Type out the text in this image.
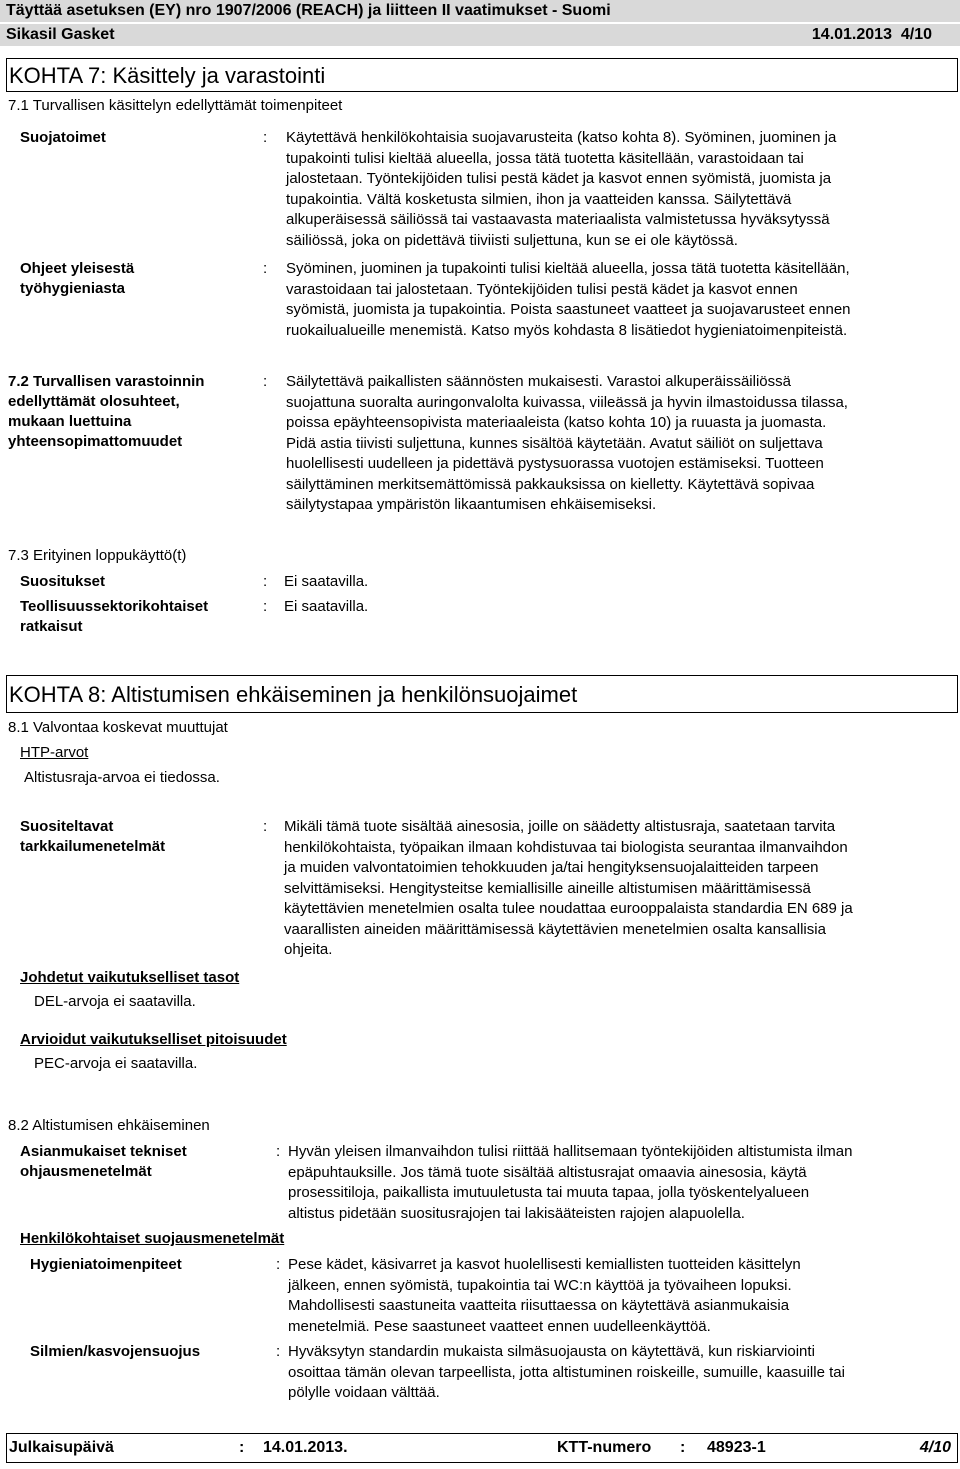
Täyttää asetuksen (EY) nro 1907/2006 (REACH) ja liitteen II vaatimukset - Suomi
Sikasil Gasket	14.01.2013 4/10
KOHTA 7: Käsittely ja varastointi
7.1 Turvallisen käsittelyn edellyttämät toimenpiteet
Suojatoimet	: Käytettävä henkilökohtaisia suojavarusteita (katso kohta 8). Syöminen, juominen ja
tupakointi tulisi kieltää alueella, jossa tätä tuotetta käsitellään, varastoidaan tai
jalostetaan. Työntekijöiden tulisi pestä kädet ja kasvot ennen syömistä, juomista ja
tupakointia. Vältä kosketusta silmien, ihon ja vaatteiden kanssa. Säilytettävä
alkuperäisessä säiliössä tai vastaavasta materiaalista valmistetussa hyväksytyssä
säiliössä, joka on pidettävä tiiviisti suljettuna, kun se ei ole käytössä.
Ohjeet yleisestä
työhygieniasta
: Syöminen, juominen ja tupakointi tulisi kieltää alueella, jossa tätä tuotetta käsitellään,
varastoidaan tai jalostetaan. Työntekijöiden tulisi pestä kädet ja kasvot ennen
syömistä, juomista ja tupakointia. Poista saastuneet vaatteet ja suojavarusteet ennen
ruokailualueille menemistä. Katso myös kohdasta 8 lisätiedot hygieniatoimenpiteistä.
7.2 Turvallisen varastoinnin
edellyttämät olosuhteet,
mukaan luettuina
yhteensopimattomuudet
: Säilytettävä paikallisten säännösten mukaisesti. Varastoi alkuperäissäiliössä
suojattuna suoralta auringonvalolta kuivassa, viileässä ja hyvin ilmastoidussa tilassa,
poissa epäyhteensopivista materiaaleista (katso kohta 10) ja ruuasta ja juomasta.
Pidä astia tiivisti suljettuna, kunnes sisältöä käytetään. Avatut säiliöt on suljettava
huolellisesti uudelleen ja pidettävä pystysuorassa vuotojen estämiseksi. Tuotteen
säilyttäminen merkitsemättömissä pakkauksissa on kielletty. Käytettävä sopivaa
säilytystapaa ympäristön likaantumisen ehkäisemiseksi.
7.3 Erityinen loppukäyttö(t)
Suositukset	: Ei saatavilla.
Teollisuussektorikohtaiset
ratkaisut
: Ei saatavilla.
KOHTA 8: Altistumisen ehkäiseminen ja henkilönsuojaimet
8.1 Valvontaa koskevat muuttujat
HTP-arvot
Altistusraja-arvoa ei tiedossa.
Suositeltavat
tarkkailumenetelmät
: Mikäli tämä tuote sisältää ainesosia, joille on säädetty altistusraja, saatetaan tarvita
henkilökohtaista, työpaikan ilmaan kohdistuvaa tai biologista seurantaa ilmanvaihdon
ja muiden valvontatoimien tehokkuuden ja/tai hengityksensuojalaitteiden tarpeen
selvittämiseksi. Hengitysteitse kemiallisille aineille altistumisen määrittämisessä
käytettävien menetelmien osalta tulee noudattaa eurooppalaista standardia EN 689 ja
vaarallisten aineiden määrittämisessä käytettävien menetelmien osalta kansallisia
ohjeita.
Johdetut vaikutukselliset tasot
DEL-arvoja ei saatavilla.
Arvioidut vaikutukselliset pitoisuudet
PEC-arvoja ei saatavilla.
8.2 Altistumisen ehkäiseminen
Asianmukaiset tekniset
ohjausmenetelmät
: Hyvän yleisen ilmanvaihdon tulisi riittää hallitsemaan työntekijöiden altistumista ilman
epäpuhtauksille. Jos tämä tuote sisältää altistusrajat omaavia ainesosia, käytä
prosessitiloja, paikallista imutuuletusta tai muuta tapaa, jolla työskentelyalueen
altistus pidetään suositusrajojen tai lakisääteisten rajojen alapuolella.
Henkilökohtaiset suojausmenetelmät
Hygieniatoimenpiteet	: Pese kädet, käsivarret ja kasvot huolellisesti kemiallisten tuotteiden käsittelyn
jälkeen, ennen syömistä, tupakointia tai WC:n käyttöä ja työvaiheen lopuksi.
Mahdollisesti saastuneita vaatteita riisuttaessa on käytettävä asianmukaisia
menetelmiä. Pese saastuneet vaatteet ennen uudelleenkäyttöä.
Silmien/kasvojensuojus	: Hyväksytyn standardin mukaista silmäsuojausta on käytettävä, kun riskiarviointi
osoittaa tämän olevan tarpeellista, jotta altistuminen roiskeille, sumuille, kaasuille tai
pölylle voidaan välttää.
Julkaisupäivä	: 14.01.2013.	KTT-numero : 48923-1	4/10
